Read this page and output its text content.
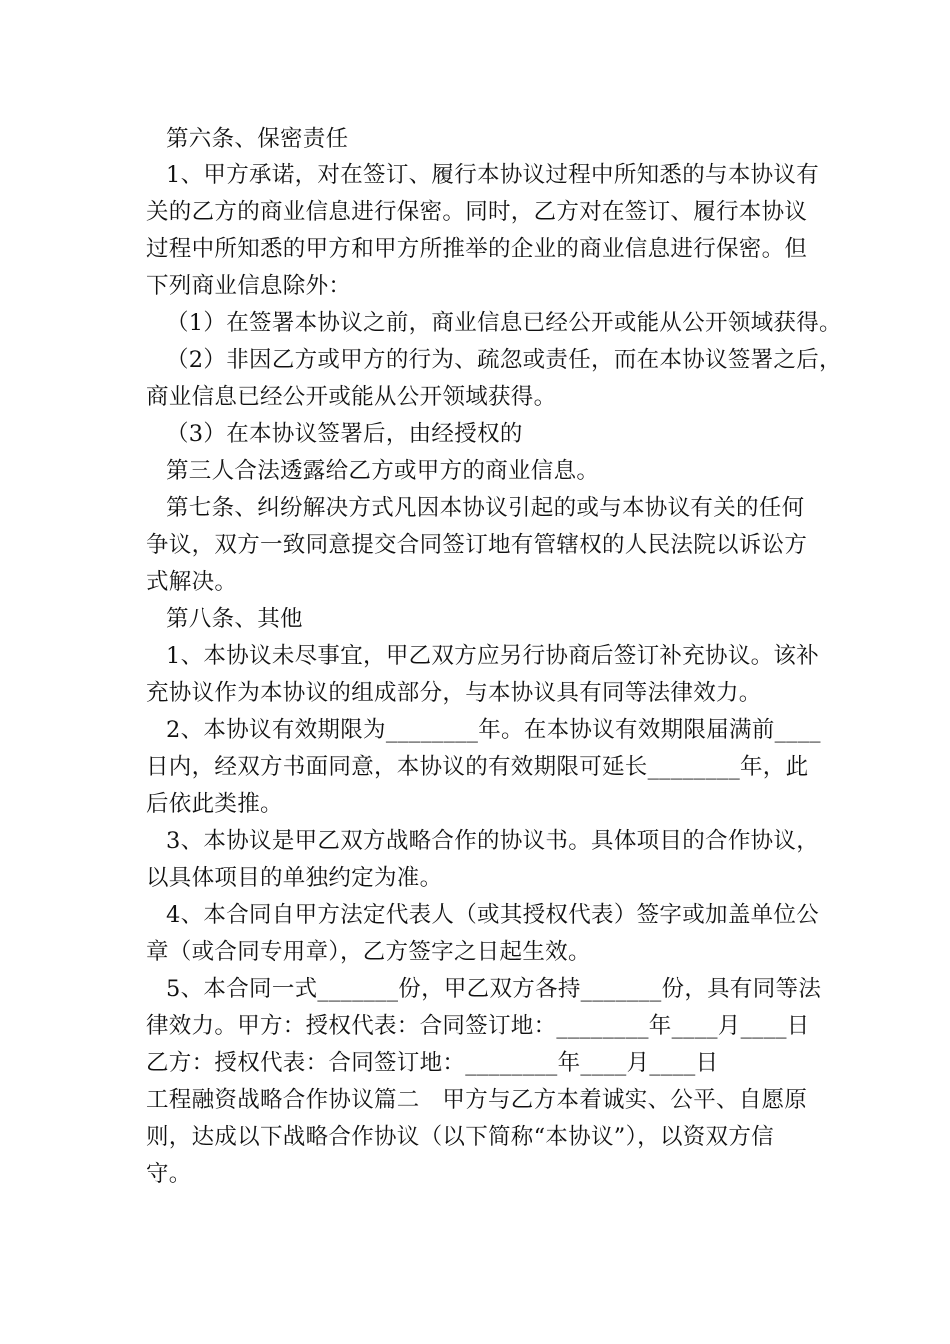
第六条、保密责任
1、甲方承诺，对在签订、履行本协议过程中所知悉的与本协议有
关的乙方的商业信息进行保密。同时，乙方对在签订、履行本协议
过程中所知悉的甲方和甲方所推举的企业的商业信息进行保密。但
下列商业信息除外：
（1）在签署本协议之前，商业信息已经公开或能从公开领域获得。
（2）非因乙方或甲方的行为、疏忽或责任，而在本协议签署之后，
商业信息已经公开或能从公开领域获得。
（3）在本协议签署后，由经授权的
第三人合法透露给乙方或甲方的商业信息。
第七条、纠纷解决方式凡因本协议引起的或与本协议有关的任何
争议，双方一致同意提交合同签订地有管辖权的人民法院以诉讼方
式解决。
第八条、其他
1、本协议未尽事宜，甲乙双方应另行协商后签订补充协议。该补
充协议作为本协议的组成部分，与本协议具有同等法律效力。
2、本协议有效期限为________年。在本协议有效期限届满前____
日内，经双方书面同意，本协议的有效期限可延长________年，此
后依此类推。
3、本协议是甲乙双方战略合作的协议书。具体项目的合作协议，
以具体项目的单独约定为准。
4、本合同自甲方法定代表人（或其授权代表）签字或加盖单位公
章（或合同专用章），乙方签字之日起生效。
5、本合同一式_______份，甲乙双方各持_______份，具有同等法
律效力。甲方：授权代表：合同签订地：________年____月____日
乙方：授权代表：合同签订地：________年____月____日
工程融资战略合作协议篇二　甲方与乙方本着诚实、公平、自愿原
则，达成以下战略合作协议（以下简称“本协议”），以资双方信
守。
